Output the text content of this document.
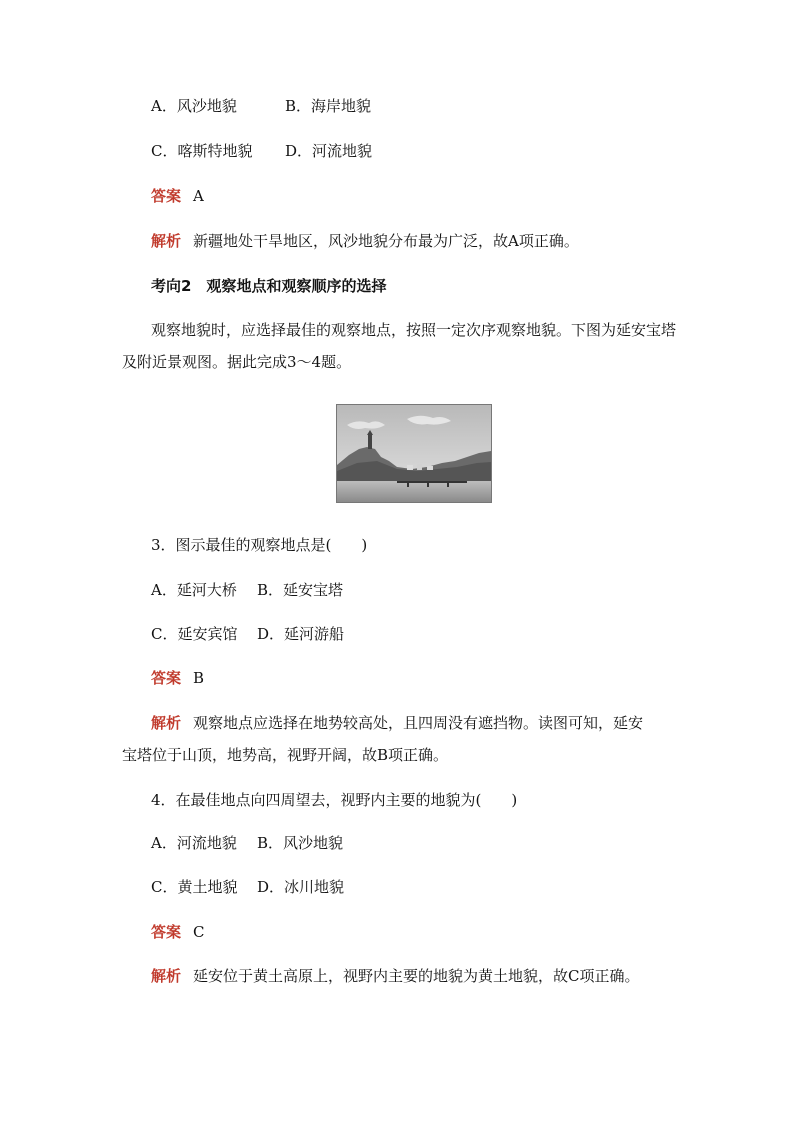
A．风沙地貌	B．海岸地貌
C．喀斯特地貌 D．河流地貌
答案 A
解析 新疆地处干旱地区，风沙地貌分布最为广泛，故A项正确。
考向2　观察地点和观察顺序的选择
观察地貌时，应选择最佳的观察地点，按照一定次序观察地貌。下图为延安宝塔及附近景观图。据此完成3～4题。
3．图示最佳的观察地点是(　　)
A．延河大桥 B．延安宝塔
C．延安宾馆 D．延河游船
答案 B
解析 观察地点应选择在地势较高处，且四周没有遮挡物。读图可知，延安
宝塔位于山顶，地势高，视野开阔，故B项正确。
4．在最佳地点向四周望去，视野内主要的地貌为(　　)
A．河流地貌 B．风沙地貌
C．黄土地貌 D．冰川地貌
答案 C
解析 延安位于黄土高原上，视野内主要的地貌为黄土地貌，故C项正确。
